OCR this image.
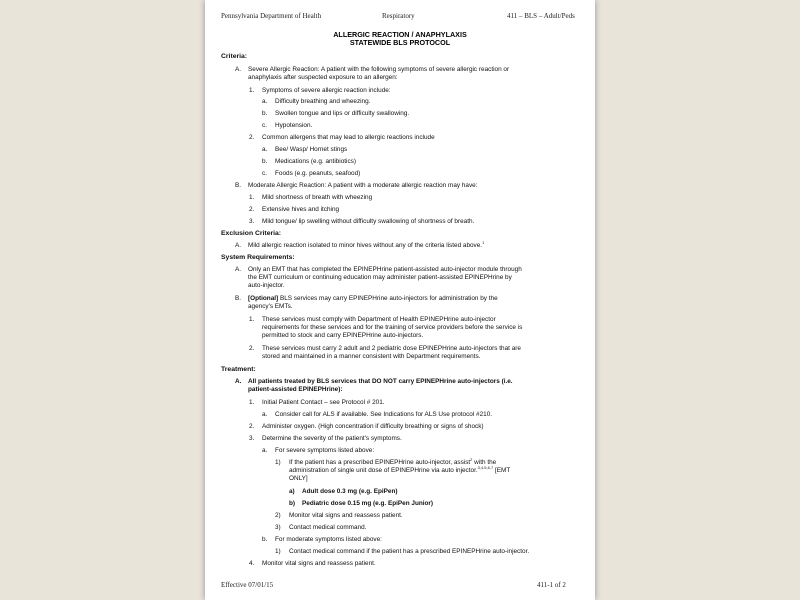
Pennsylvania Department of Health	Respiratory	411 – BLS – Adult/Peds
ALLERGIC REACTION / ANAPHYLAXIS
STATEWIDE BLS PROTOCOL
Criteria:
A. Severe Allergic Reaction: A patient with the following symptoms of severe allergic reaction or
anaphylaxis after suspected exposure to an allergen:
1. Symptoms of severe allergic reaction include:
a. Difficulty breathing and wheezing.
b. Swollen tongue and lips or difficulty swallowing.
c. Hypotension.
2. Common allergens that may lead to allergic reactions include
a. Bee/ Wasp/ Hornet stings
b. Medications (e.g. antibiotics)
c. Foods (e.g. peanuts, seafood)
B. Moderate Allergic Reaction: A patient with a moderate allergic reaction may have:
1. Mild shortness of breath with wheezing
2. Extensive hives and itching
3. Mild tongue/ lip swelling without difficulty swallowing of shortness of breath.
Exclusion Criteria:
A. Mild allergic reaction isolated to minor hives without any of the criteria listed above.$^1$
System Requirements:
A. Only an EMT that has completed the EPINEPHrine patient-assisted auto-injector module through
the EMT curriculum or continuing education may administer patient-assisted EPINEPHrine by
auto-injector.
B. [Optional] BLS services may carry EPINEPHrine auto-injectors for administration by the
agency's EMTs.
1. These services must comply with Department of Health EPINEPHrine auto-injector
requirements for these services and for the training of service providers before the service is
permitted to stock and carry EPINEPHrine auto-injectors.
2. These services must carry 2 adult and 2 pediatric dose EPINEPHrine auto-injectors that are
stored and maintained in a manner consistent with Department requirements.
Treatment:
A. All patients treated by BLS services that DO NOT carry EPINEPHrine auto-injectors (i.e.
patient-assisted EPINEPHrine):
1. Initial Patient Contact – see Protocol # 201.
a. Consider call for ALS if available. See Indications for ALS Use protocol #210.
2. Administer oxygen. (High concentration if difficulty breathing or signs of shock)
3. Determine the severity of the patient's symptoms.
a. For severe symptoms listed above:
1) If the patient has a prescribed EPINEPHrine auto-injector, assist$^2$ with the
administration of single unit dose of EPINEPHrine via auto injector.$^{3,4,5,6,7}$ [EMT
ONLY]
a) Adult dose 0.3 mg (e.g. EpiPen)
b) Pediatric dose 0.15 mg (e.g. EpiPen Junior)
2) Monitor vital signs and reassess patient.
3) Contact medical command.
b. For moderate symptoms listed above:
1) Contact medical command if the patient has a prescribed EPINEPHrine auto-injector.
4. Monitor vital signs and reassess patient.
Effective 07/01/15	411-1 of 2
